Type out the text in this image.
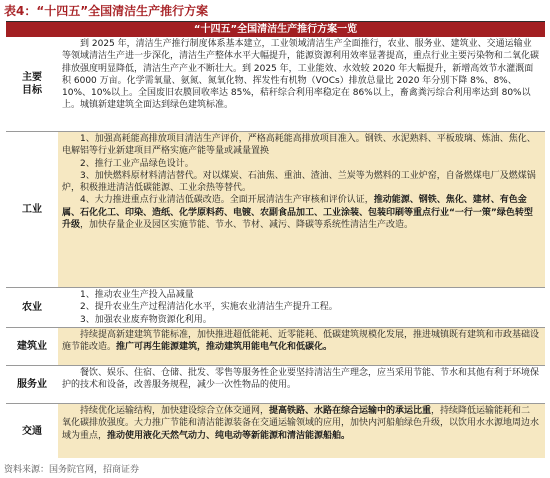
表4：“十四五”全国清洁生产推行方案
“十四五”全国清洁生产推行方案一览
主要目标

到 2025 年，清洁生产推行制度体系基本建立，工业领域清洁生产全面推行，农业、服务业、建筑业、交通运输业等领域清洁生产进一步深化，清洁生产整体水平大幅提升，能源资源利用效率显著提高，重点行业主要污染物和二氧化碳排放强度明显降低，清洁生产产业不断壮大。到 2025 年，工业能效、水效较 2020 年大幅提升，新增高效节水灌溉面积 6000 万亩。化学需氧量、氨氮、氮氧化物、挥发性有机物（VOCs）排放总量比 2020 年分别下降 8%、8%、10%、10%以上。全国废旧农膜回收率达 85%，秸秆综合利用率稳定在 86%以上，畜禽粪污综合利用率达到 80%以上。城镇新建建筑全面达到绿色建筑标准。

工业

1、加强高耗能高排放项目清洁生产评价，严格高耗能高排放项目准入。钢铁、水泥熟料、平板玻璃、炼油、焦化、电解铝等行业新建项目严格实施产能等量或减量置换

2、推行工业产品绿色设计。

3、加快燃料原材料清洁替代。对以煤炭、石油焦、重油、渣油、兰炭等为燃料的工业炉窑，自备燃煤电厂及燃煤锅炉，积极推进清洁低碳能源、工业余热等替代。

4、大力推进重点行业清洁低碳改造。全面开展清洁生产审核和评价认证，推动能源、钢铁、焦化、建材、有色金属、石化化工、印染、造纸、化学原料药、电镀、农副食品加工、工业涂装、包装印刷等重点行业“一行一策”绿色转型升级，加快存量企业及园区实施节能、节水、节材、减污、降碳等系统性清洁生产改造。

农业

1、推动农业生产投入品减量

2、提升农业生产过程清洁化水平，实施农业清洁生产提升工程。

3、加强农业废弃物资源化利用。

建筑业

持续提高新建建筑节能标准，加快推进超低能耗、近零能耗、低碳建筑规模化发展，推进城镇既有建筑和市政基础设施节能改造。推广可再生能源建筑，推动建筑用能电气化和低碳化。

服务业

餐饮、娱乐、住宿、仓储、批发、零售等服务性企业要坚持清洁生产理念，应当采用节能、节水和其他有利于环境保护的技术和设备，改善服务规程，减少一次性物品的使用。

交通

持续优化运输结构，加快建设综合立体交通网，提高铁路、水路在综合运输中的承运比重，持续降低运输能耗和二氧化碳排放强度。大力推广节能和清洁能源装备在交通运输领域的应用，加快内河船舶绿色升级，以饮用水水源地周边水域为重点，推动使用液化天然气动力、纯电动等新能源和清洁能源船舶。

资料来源：国务院官网，招商证券
